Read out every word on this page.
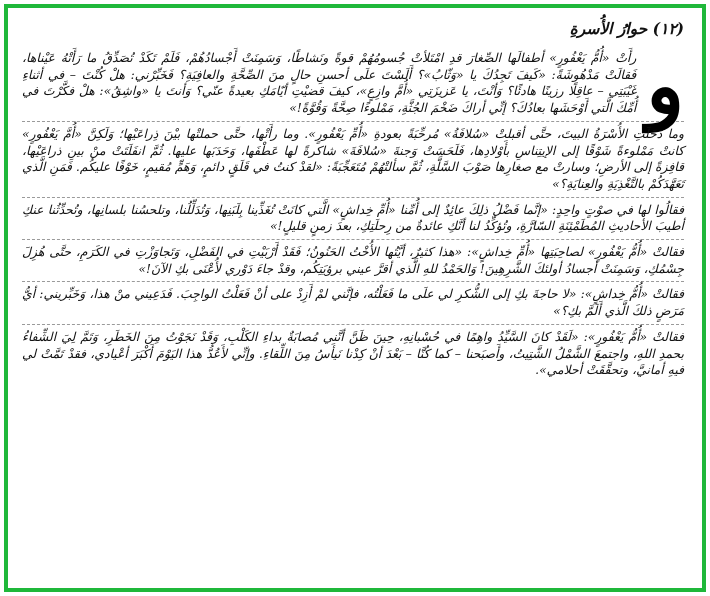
(١٢) حوارُ الأُسرةِ

و
رأَتْ «أُمُّ يَعْفُورٍ» أطفالَها الصِّغارَ قدِ امْتَلأتْ جُسومُهُمْ قوةً ونَشاطًا، وَسَمِنَتْ أَجْسادُهُمْ، فَلَمْ تَكَدْ تُصَدِّقُ ما رَأَتْهُ عَيْناها، فَقالَتْ مَدْهُوشَةً: «كَيفَ تَجِدُكَ يا «وَثّابُ»؟ أَلَسْتَ علَى أحسنِ حالٍ منَ الصِّحَّةِ والعافِيَةِ؟ فَخَبِّرْني: هلْ كُنْتَ – في أثناءِ غَيْبَتِي – عاقِلًا رزينًا هادئًا؟ وَأنْتَ، يا عَزيزَتِي «أُمَّ وازِعٍ»، كيفَ قضيْتِ أيّامَكِ بعيدةً عنّي؟ وَأنتَ يا «واشِقُ»: هلْ فكَّرْتَ في أُمِّكَ الَّتي أَوْحَشَها بعادُكَ؟ إنِّي أراكَ ضَخْمَ الجُثَّةِ، مَمْلوءًا صِحَّةً وَقُوَّةً!»

وما دَخَلَتِ الأُسْرَةُ البيتَ، حتَّى أقبلتْ «سُلافَةُ» مُرحِّبَةً بعودةِ «أُمِّ يَعْفُورٍ». وما رأَتْها، حتَّى حملتْها بيْنَ ذِراعَيْها؛ وَلَكِنَّ «أُمَّ يَعْفُورٍ» كانتْ مَمْلوءةً شَوْقًا إلى الإيتِناسِ بأَوْلادِها، فَلَحَسَتْ وَجنةَ «سُلافَةَ» شاكرةً لها عَطْفَها، وَحَدَبَها عليها. ثُمَّ انفَلَتَتْ منْ بينِ ذراعَيْها، قافِزةً إلى الأرضِ؛ وسارتْ مع صغارِها صَوْبَ السَّلَّةِ، ثُمَّ سألتْهُمْ مُتَعَجِّبَةً: «لقدْ كنتُ في قَلَقٍ دائمٍ، وَهَمٍّ مُقيمٍ، خَوْفًا عليكُم. فَمَنِ الَّذي تَعَهَّدَكُمْ بالتَّغْذِيَةِ والعِنايَةِ؟»

فقالُوا لها في صوْتٍ واحِدٍ: «إنَّما فَضْلُ ذلِكَ عائِدٌ إلى أُمِّنا «أُمِّ خِداشٍ» الَّتي كانَتْ تُغَذِّينا بِلَبَنِها، وَتُدَلِّلُنا، وتلحسُنا بلسانِها، وتُحدِّثُنا عنكِ أطيبَ الأحاديثِ المُطَمْئِنَةِ السّارَّةِ، وتُؤكِّدُ لنا أنَّكِ عائدةٌ من رِحلَتِكِ، بعدَ زمنٍ قليلٍ!»

فقالتْ «أُمُّ يَعْفُورٍ» لصاحِبَتِها «أُمِّ خِداشٍ»: «هذا كثيرٌ، أيَّتُها الأُخْتُ الحَنُونُ؛ فَقَدْ أَرْبَيْتِ في الفَضْلِ، وَتَجاوَزْتِ في الكَرَمِ، حتَّى هُزِلَ جِسْمُكِ، وَسَمِنَتْ أجسادُ أولئكَ الشَّرِهِينَ! وَالحَمْدُ للهِ الَّذي أقرَّ عيني برؤيَتِكُم، وقدْ جاءَ دَوْري لأُعْنَى بكِ الآنَ!»

فقالتْ «أُمُّ خِداشٍ»: «لا حاجةَ بكِ إلى الشُّكرِ لي علَى ما فَعَلْتُه، فإنَّني لمْ أَزِدْ على أنْ فَعَلْتُ الواجِبَ. فَدَعِيني منْ هذا، وَخَبِّريني: أيُّ مَرَضٍ ذلكَ الَّذي أَلَمَّ بكِ؟»

فقالتْ «أُمُّ يَعْفُورٍ»: «لَقَدْ كانَ السَّيِّدُ واهِمًا في حُسْبانِهِ، حِينَ ظَنَّ أنَّني مُصابَةٌ بداءِ الكَلْبِ، وَقَدْ نَجَوْتُ مِنَ الخَطَرِ، وَتَمَّ لِيَ الشِّفاءُ بحمدِ اللهِ، واجتمعَ الشَّمْلُ الشَّتِيتُ، وأَصبَحنا – كما كُنَّا – بَعْدَ أنْ كِدْنا نَيأَسُ مِنَ اللِّقاءِ. وإنِّي لأَعُدُّ هذا اليَوْمَ أَكْبَرَ أعْيادي، فقدْ تَمَّتْ لي فيهِ أمانيَّ، وتحقَّقَتْ أحلامي».
